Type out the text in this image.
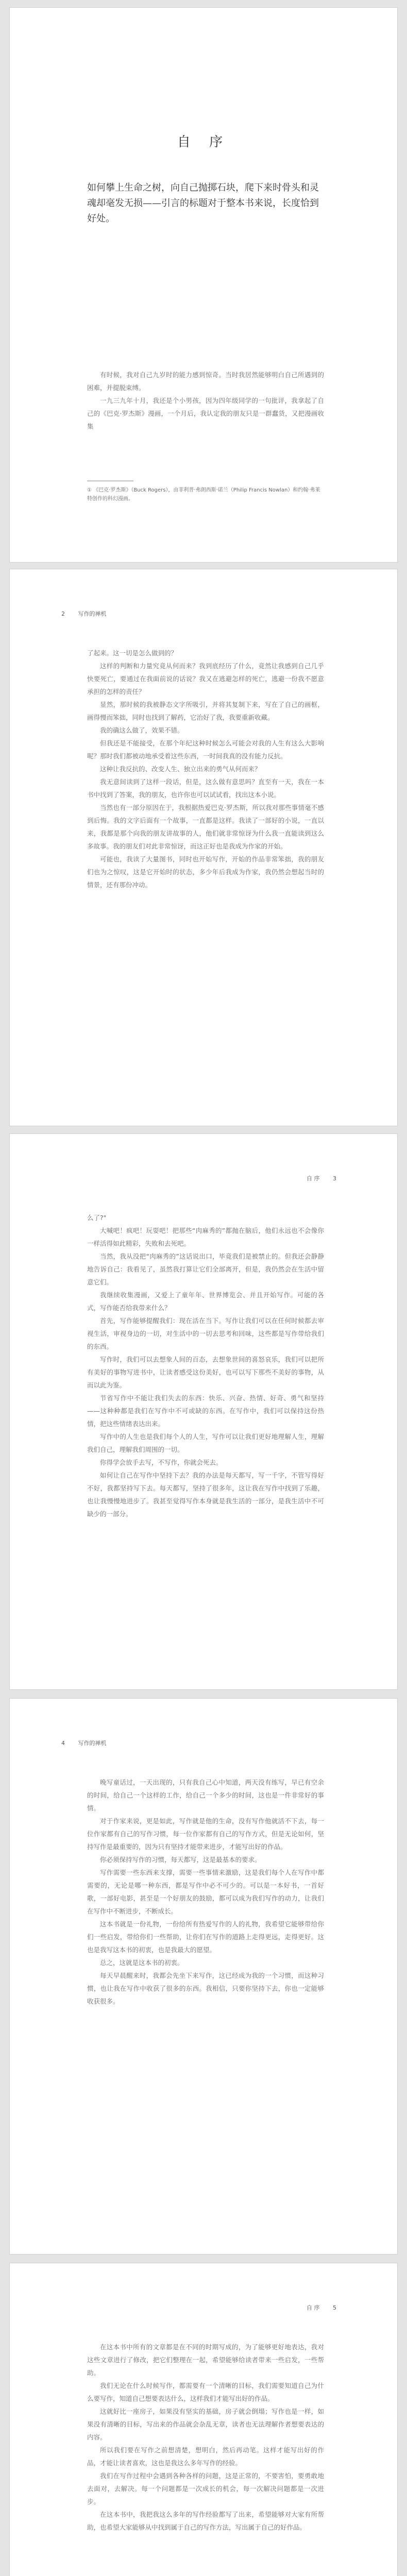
自 序
如何攀上生命之树，向自己抛掷石块，爬下来时骨头和灵魂却毫发无损——引言的标题对于整本书来说，长度恰到好处。

有时候，我对自己九岁时的能力感到惊奇。当时我居然能够明白自己所遇到的困难，并提脱束缚。

一九三九年十月，我还是个小男孩，因为四年级同学的一句批评，我拿起了自己的《巴克·罗杰斯》漫画，一个月后，我认定我的朋友只是一群蠢货，又把漫画收集

① 《巴克·罗杰斯》（Buck Rogers），由菲利普·弗朗西斯·诺兰（Philip Francis Nowlan）和约翰·弗莱特创作的科幻漫画。
2 写作的禅机

了起来。这一切是怎么做到的？

这样的判断和力量究竟从何而来？我到底经历了什么，竟然让我感到自己几乎快要死亡，要通过在我面前说的话说？我又在逃避怎样的死亡，逃避一份我不愿意承担的怎样的责任？

显然，那时候的我被静态文字所吸引，并将其复制下来，写在了自己的画框，画得慢而笨拙，同时也找到了解药，它治好了我，我要重新收藏。

我的确这么做了，效果不错。

但我还是不能接受，在那个年纪这种时候怎么可能会对我的人生有这么大影响呢？那时我们都被动地承受着这些东西，一时间我真的没有能力反抗。

这种让我反抗的、改变人生、独立出来的勇气从何而来？

我无意间读到了这样一段话，但是，这么做有意思吗？直至有一天，我在一本书中找到了答案，我的朋友，也许你也可以试试看，找出这本小说。

当然也有一部分原因在于，我根据热爱巴克·罗杰斯，所以我对那些事情毫不感到后悔。我的文字后面有一个故事，一直都是这样。我读了一部好的小说，一直以来，我都是那个向我的朋友讲故事的人，他们就非常惊讶为什么我一直能读到这么多故事。我的朋友们对此非常惊讶，而这正好也是我成为作家的开始。

可能也，我读了大量图书，同时也开始写作，开始的作品非常笨拙，我的朋友们也为之惊叹，这是它开始时的状态，多少年后我成为作家，我仍然会想起当时的情景，还有那份冲动。

自 序 3

么了?"

大喊吧！疯吧！玩耍吧！把那些“肉麻秀的”都抛在脑后，他们永远也不会像你一样活得如此精彩，失败和去死吧。

当然，我从没把“肉麻秀的”这话说出口，毕竟我们是被禁止的。但我还会静静地告诉自己：我看见了，虽然我打算让它们全部离开，但是，我仍然会在生活中留意它们。

我继续收集漫画，又爱上了童年年、世界博览会、并且开始写作。可能的各式，写作能否给我带来什么？

首先，写作能够提醒我们：现在活在当下。写作让我们可以在任何时候都去审视生活，审视身边的一切，对生活中的一切去思考和回味，这些都是写作带给我们的东西。

写作时，我们可以去想象人间的百态，去想象世间的喜怒哀乐，我们可以把所有美好的事物写进书中，让读者感受这份美好，也可以写下那些不美好的事物，从而以此为鉴。

节省写作中不能让我们失去的东西：快乐、兴奋、热情、好奇、勇气和坚持——这种种都是我们在写作中不可或缺的东西。在写作中，我们可以保持这份热情，把这些情绪表达出来。

写作中的人生也是我们每个人的人生，写作可以让我们更好地理解人生，理解我们自己，理解我们周围的一切。

你得学会放手去写，不写作，你就会死去。

如何让自己在写作中坚持下去？我的办法是每天都写，写一千字，不管写得好不好，我都坚持写下去。每天都写，坚持了很多年，这让我在写作中找到了乐趣，也让我慢慢地进步了。我甚至觉得写作本身就是我生活的一部分，是我生活中不可缺少的一部分。

4 写作的禅机

晚写童话过，一天出现的，只有我自己心中知道，两天没有练写，早已有空余的时间，给自己一个这样的工作，给自己一个多少的时间，这也是一件非常好的事情。

对于作家来说，更是如此，写作就是他的生命，没有写作他就活不下去，每一位作家都有自己的写作习惯，每一位作家都有自己的写作方式，但是无论如何，坚持写作是最重要的，因为只有坚持才能带来进步，才能写出好的作品。

你必须保持写作的习惯，每天都写，这是最基本的要求。

写作需要一些东西来支撑，需要一些事情来激励，这是我们每个人在写作中都需要的，无论是哪一种东西，都是写作中必不可少的。可以是一本好书，一首好歌，一部好电影，甚至是一个好朋友的鼓励，都可以成为我们写作的动力，让我们在写作中不断进步，不断成长。

这本书就是一份礼物，一份给所有热爱写作的人的礼物，我希望它能够带给你们一些启发，带给你们一些帮助，让你们在写作的道路上走得更远，走得更好。这也是我写这本书的初衷，也是我最大的愿望。

总之，这就是这本书的初衷。

每天早晨醒来时，我都会先坐下来写作，这已经成为我的一个习惯，而这种习惯，也让我在写作中收获了很多的东西。我相信，只要你坚持下去，你也一定能够收获很多。

自 序 5

在这本书中所有的文章都是在不同的时期写成的，为了能够更好地表达，我对这些文章进行了修改，把它们整理在一起，希望能够给读者带来一些启发，一些帮助。

我们无论在什么时候写作，都需要有一个清晰的目标，我们需要知道自己为什么要写作，知道自己想要表达什么，这样我们才能写出好的作品。

这就好比一座房子，如果没有坚实的基础，房子就会倒塌；写作也是一样，如果没有清晰的目标，写出来的作品就会杂乱无章，读者也无法理解作者想要表达的内容。

所以我们要在写作之前想清楚，想明白，然后再动笔。这样才能写出好的作品，才能让读者喜欢，这也是我这么多年写作的经验。

我们在写作过程中会遇到各种各样的问题，这是正常的，不要害怕，要勇敢地去面对，去解决。每一个问题都是一次成长的机会，每一次解决问题都是一次进步。

在这本书中，我把我这么多年的写作经验都写了出来，希望能够对大家有所帮助，也希望大家能够从中找到属于自己的写作方法，写出属于自己的好作品。
